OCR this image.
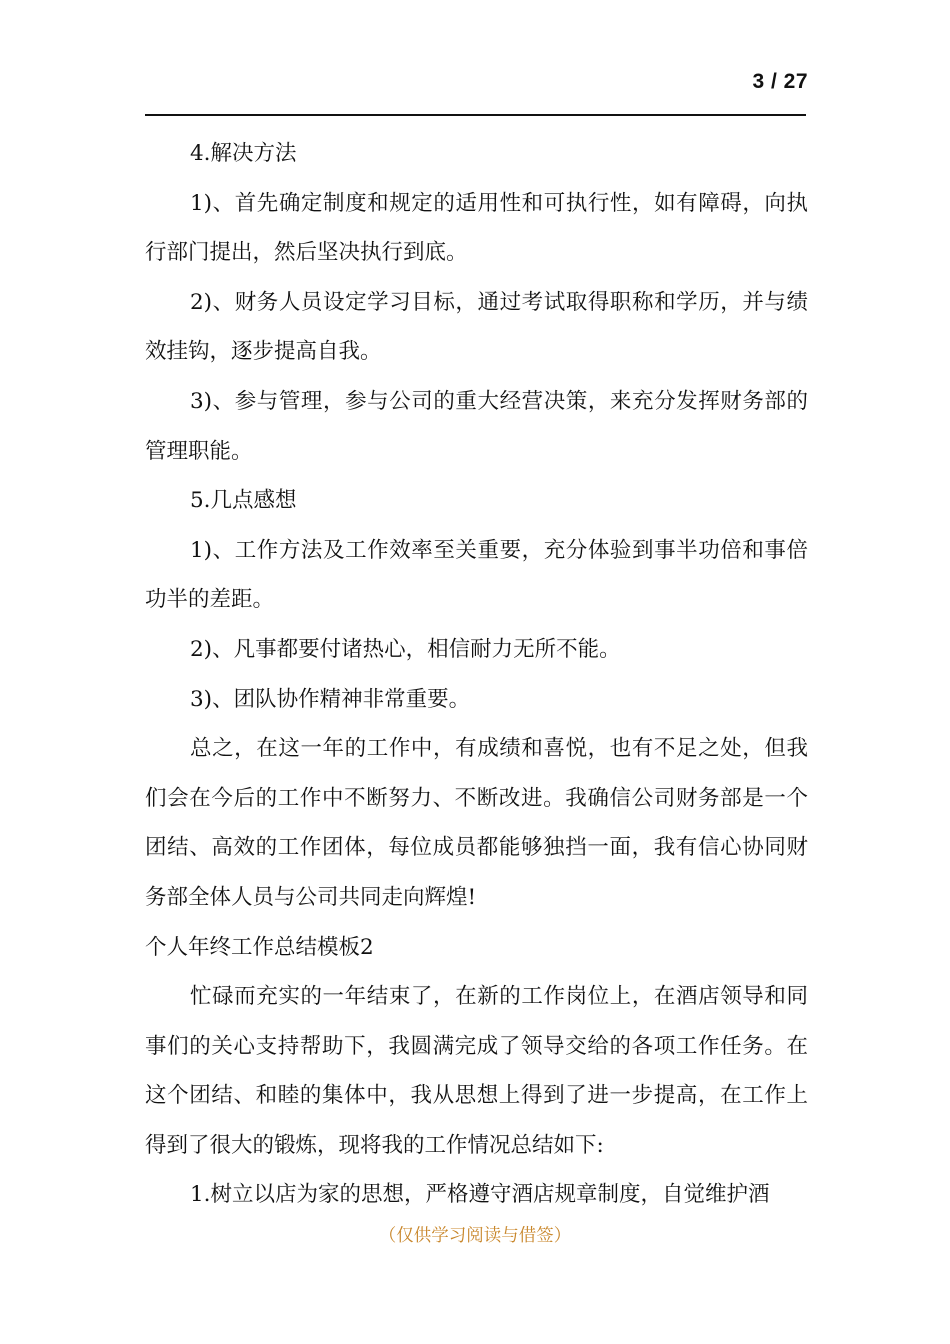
3 / 27

4.解决方法

1)、首先确定制度和规定的适用性和可执行性，如有障碍，向执行部门提出，然后坚决执行到底。

2)、财务人员设定学习目标，通过考试取得职称和学历，并与绩效挂钩，逐步提高自我。

3)、参与管理，参与公司的重大经营决策，来充分发挥财务部的管理职能。

5.几点感想

1)、工作方法及工作效率至关重要，充分体验到事半功倍和事倍功半的差距。

2)、凡事都要付诸热心，相信耐力无所不能。

3)、团队协作精神非常重要。

总之，在这一年的工作中，有成绩和喜悦，也有不足之处，但我们会在今后的工作中不断努力、不断改进。我确信公司财务部是一个团结、高效的工作团体，每位成员都能够独挡一面，我有信心协同财务部全体人员与公司共同走向辉煌!

个人年终工作总结模板2

忙碌而充实的一年结束了，在新的工作岗位上，在酒店领导和同事们的关心支持帮助下，我圆满完成了领导交给的各项工作任务。在这个团结、和睦的集体中，我从思想上得到了进一步提高，在工作上得到了很大的锻炼，现将我的工作情况总结如下:

1.树立以店为家的思想，严格遵守酒店规章制度，自觉维护酒

（仅供学习阅读与借签）
